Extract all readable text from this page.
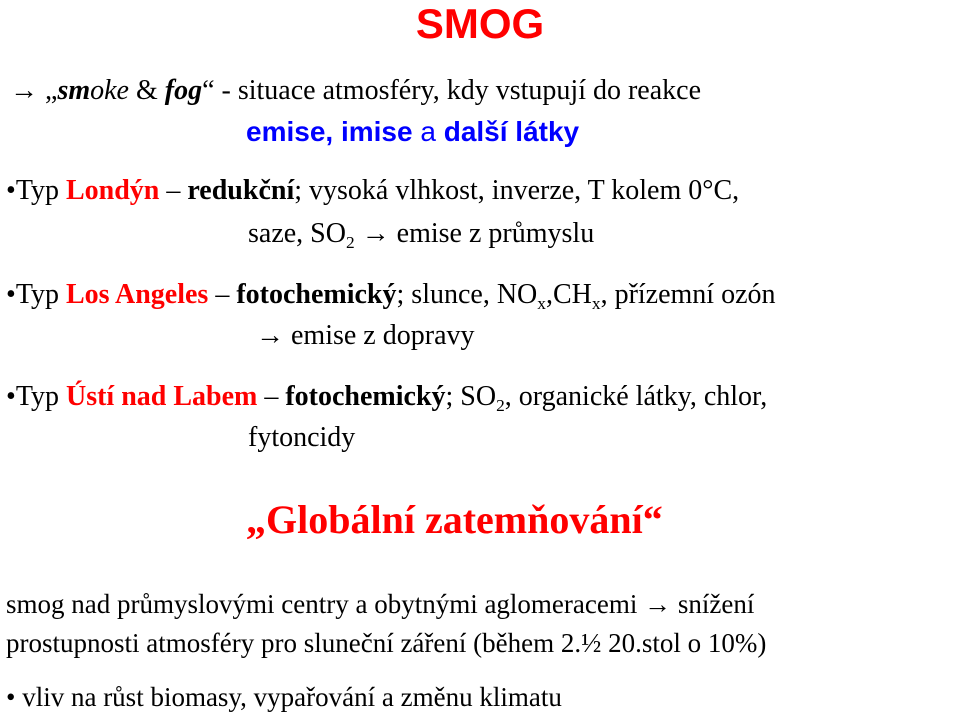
SMOG
→ „smoke & fog“ - situace atmosféry, kdy vstupují do reakce
emise, imise a další látky
•Typ Londýn – redukční; vysoká vlhkost, inverze, T kolem 0°C,
saze, $SO_2$ → emise z průmyslu
•Typ Los Angeles – fotochemický; slunce, $NO_x,CH_x$, přízemní ozón
→ emise z dopravy
•Typ Ústí nad Labem – fotochemický; $SO_2$, organické látky, chlor,
fytoncidy
„Globální zatemňování“
smog nad průmyslovými centry a obytnými aglomeracemi → snížení
prostupnosti atmosféry pro sluneční záření (během 2.½ 20.stol o 10%)
• vliv na růst biomasy, vypařování a změnu klimatu
